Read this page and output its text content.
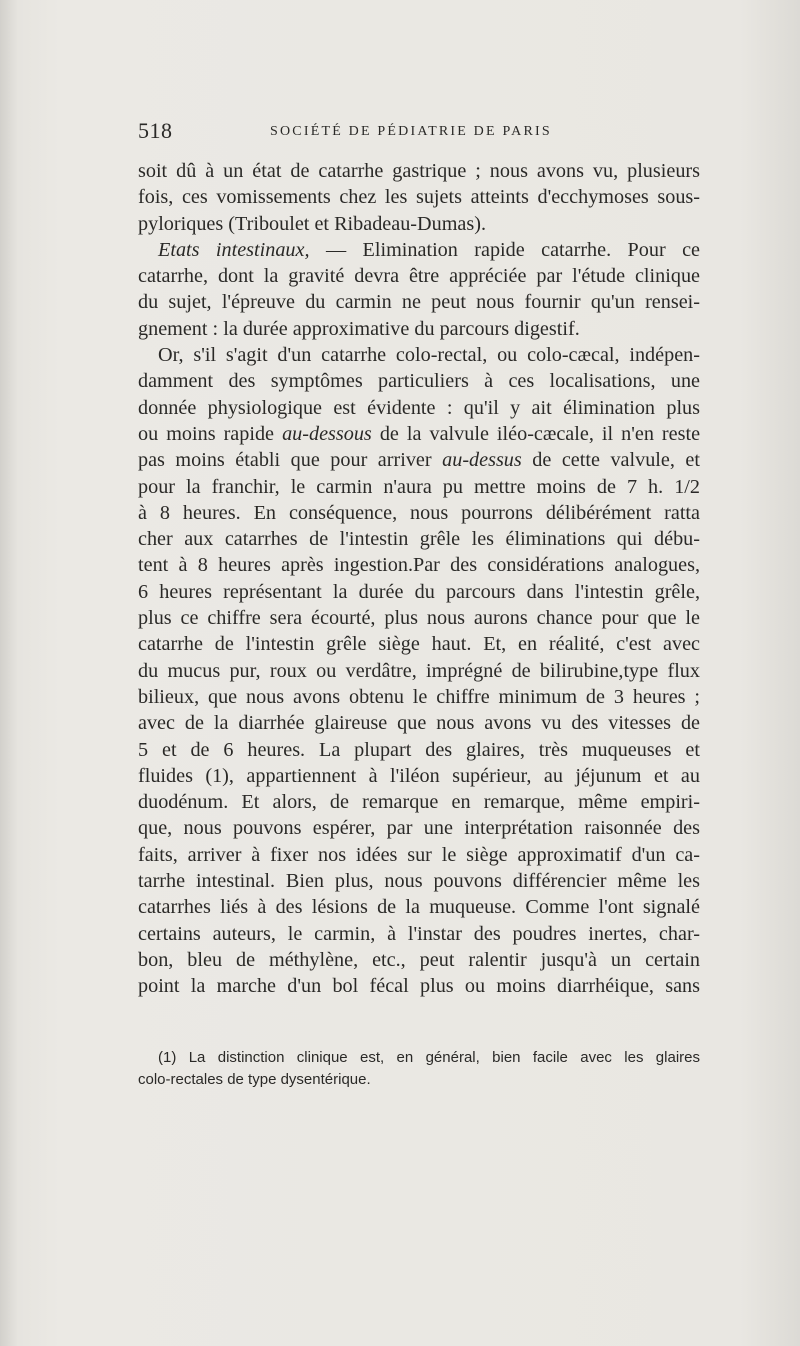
518	SOCIÉTÉ DE PÉDIATRIE DE PARIS
soit dû à un état de catarrhe gastrique ; nous avons vu, plusieurs
fois, ces vomissements chez les sujets atteints d'ecchymoses sous-
pyloriques (Triboulet et Ribadeau-Dumas).
Etats intestinaux, — Elimination rapide catarrhe. Pour ce
catarrhe, dont la gravité devra être appréciée par l'étude clinique
du sujet, l'épreuve du carmin ne peut nous fournir qu'un rensei-
gnement : la durée approximative du parcours digestif.
Or, s'il s'agit d'un catarrhe colo-rectal, ou colo-cæcal, indépen-
damment des symptômes particuliers à ces localisations, une
donnée physiologique est évidente : qu'il y ait élimination plus
ou moins rapide au-dessous de la valvule iléo-cæcale, il n'en reste
pas moins établi que pour arriver au-dessus de cette valvule, et
pour la franchir, le carmin n'aura pu mettre moins de 7 h. 1/2
à 8 heures. En conséquence, nous pourrons délibérément ratta
cher aux catarrhes de l'intestin grêle les éliminations qui débu-
tent à 8 heures après ingestion.Par des considérations analogues,
6 heures représentant la durée du parcours dans l'intestin grêle,
plus ce chiffre sera écourté, plus nous aurons chance pour que le
catarrhe de l'intestin grêle siège haut. Et, en réalité, c'est avec
du mucus pur, roux ou verdâtre, imprégné de bilirubine,type flux
bilieux, que nous avons obtenu le chiffre minimum de 3 heures ;
avec de la diarrhée glaireuse que nous avons vu des vitesses de
5 et de 6 heures. La plupart des glaires, très muqueuses et
fluides (1), appartiennent à l'iléon supérieur, au jéjunum et au
duodénum. Et alors, de remarque en remarque, même empiri-
que, nous pouvons espérer, par une interprétation raisonnée des
faits, arriver à fixer nos idées sur le siège approximatif d'un ca-
tarrhe intestinal. Bien plus, nous pouvons différencier même les
catarrhes liés à des lésions de la muqueuse. Comme l'ont signalé
certains auteurs, le carmin, à l'instar des poudres inertes, char-
bon, bleu de méthylène, etc., peut ralentir jusqu'à un certain
point la marche d'un bol fécal plus ou moins diarrhéique, sans
(1) La distinction clinique est, en général, bien facile avec les glaires
colo-rectales de type dysentérique.
